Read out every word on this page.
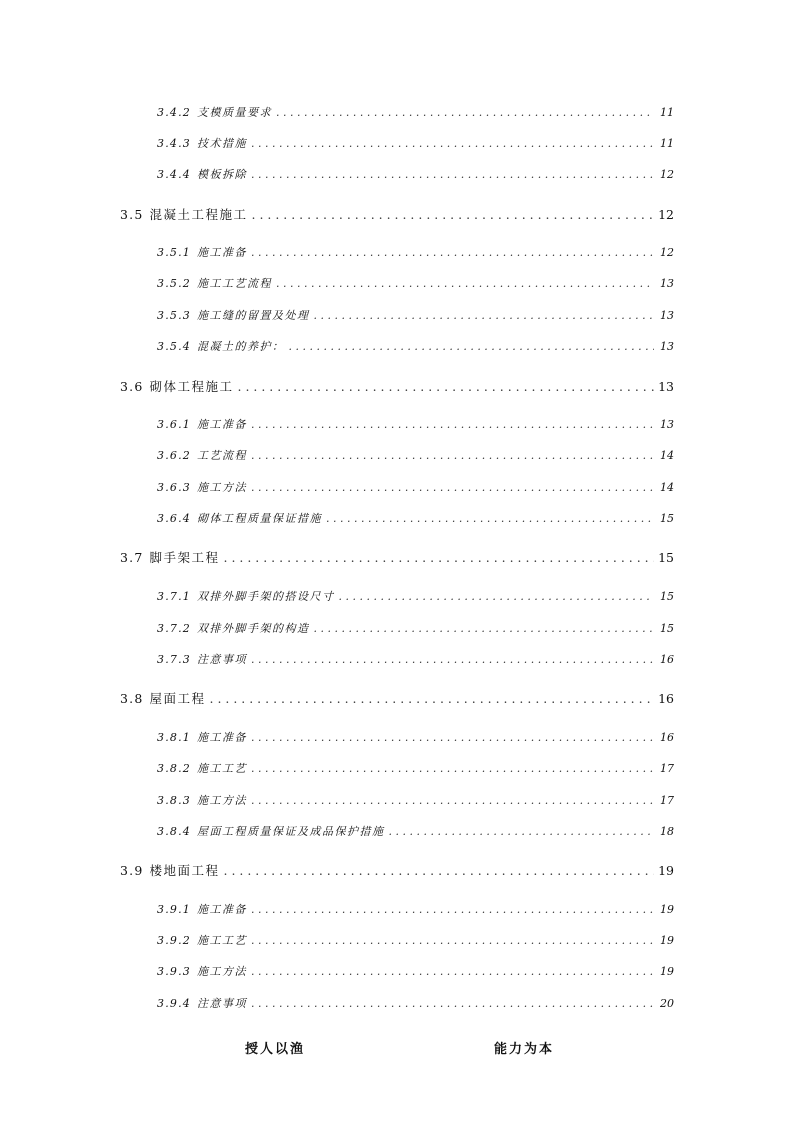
3.4.2 支模质量要求 . . .	11
3.4.3 技术措施 . . .	11
3.4.4 模板拆除 . . .	12
3.5 混凝土工程施工 . . .	12
3.5.1 施工准备 . . .	12
3.5.2 施工工艺流程 . . .	13
3.5.3 施工缝的留置及处理 . . .	13
3.5.4 混凝土的养护： . . .	13
3.6 砌体工程施工 . . .	13
3.6.1 施工准备 . . .	13
3.6.2 工艺流程 . . .	14
3.6.3 施工方法 . . .	14
3.6.4 砌体工程质量保证措施 . . .	15
3.7 脚手架工程 . . .	15
3.7.1 双排外脚手架的搭设尺寸 . . .	15
3.7.2 双排外脚手架的构造 . . .	15
3.7.3 注意事项 . . .	16
3.8 屋面工程 . . .	16
3.8.1 施工准备 . . .	16
3.8.2 施工工艺 . . .	17
3.8.3 施工方法 . . .	17
3.8.4 屋面工程质量保证及成品保护措施 . . .	18
3.9 楼地面工程 . . .	19
3.9.1 施工准备 . . .	19
3.9.2 施工工艺 . . .	19
3.9.3 施工方法 . . .	19
3.9.4 注意事项 . . .	20
授人以渔	能力为本
